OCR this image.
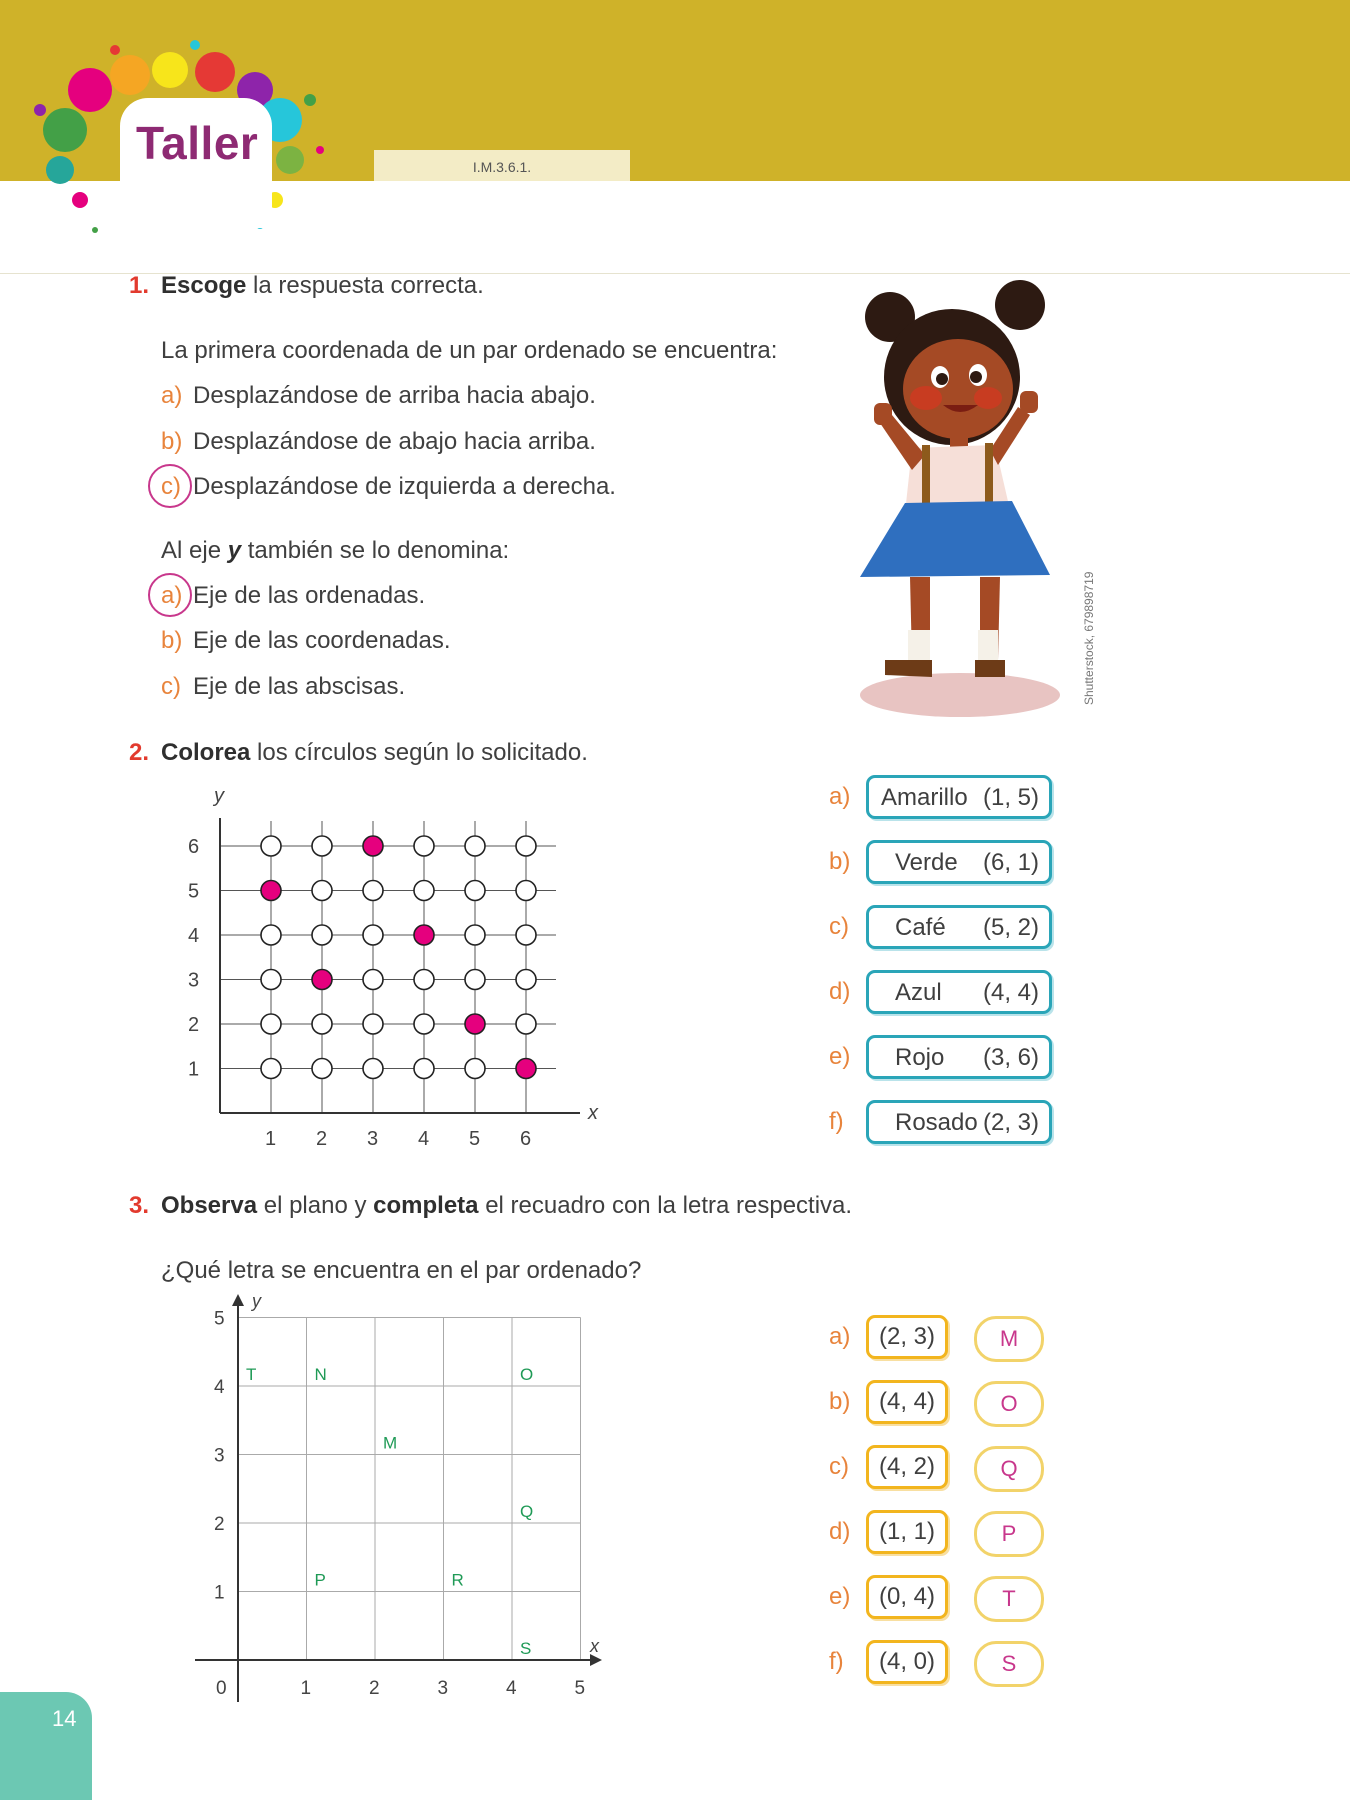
I.M.3.6.1.
Taller
1. Escoge la respuesta correcta.
La primera coordenada de un par ordenado se encuentra:
a) Desplazándose de arriba hacia abajo.
b) Desplazándose de abajo hacia arriba.
c) Desplazándose de izquierda a derecha.
Al eje y también se lo denomina:
a) Eje de las ordenadas.
b) Eje de las coordenadas.
c) Eje de las abscisas.	Shutterstock, 679898719
2. Colorea los círculos según lo solicitado.
y
x
1 2 3 4 5 6
1
2
3
4
5
6
a) Amarillo (1, 5)
b) Verde (6, 1)
c) Café (5, 2)
d) Azul (4, 4)
e) Rojo (3, 6)
f) Rosado (2, 3)
3. Observa el plano y completa el recuadro con la letra respectiva.
¿Qué letra se encuentra en el par ordenado?
y
x
0	1	2	3	4	5
1
2
3
4
5
T	N	O
M
Q
P	R
S
a)	(2, 3)	M
b)	(4, 4)	O
c)	(4, 2)	Q
d)	(1, 1)	P
e)	(0, 4)	T
f)	(4, 0)	S
14
